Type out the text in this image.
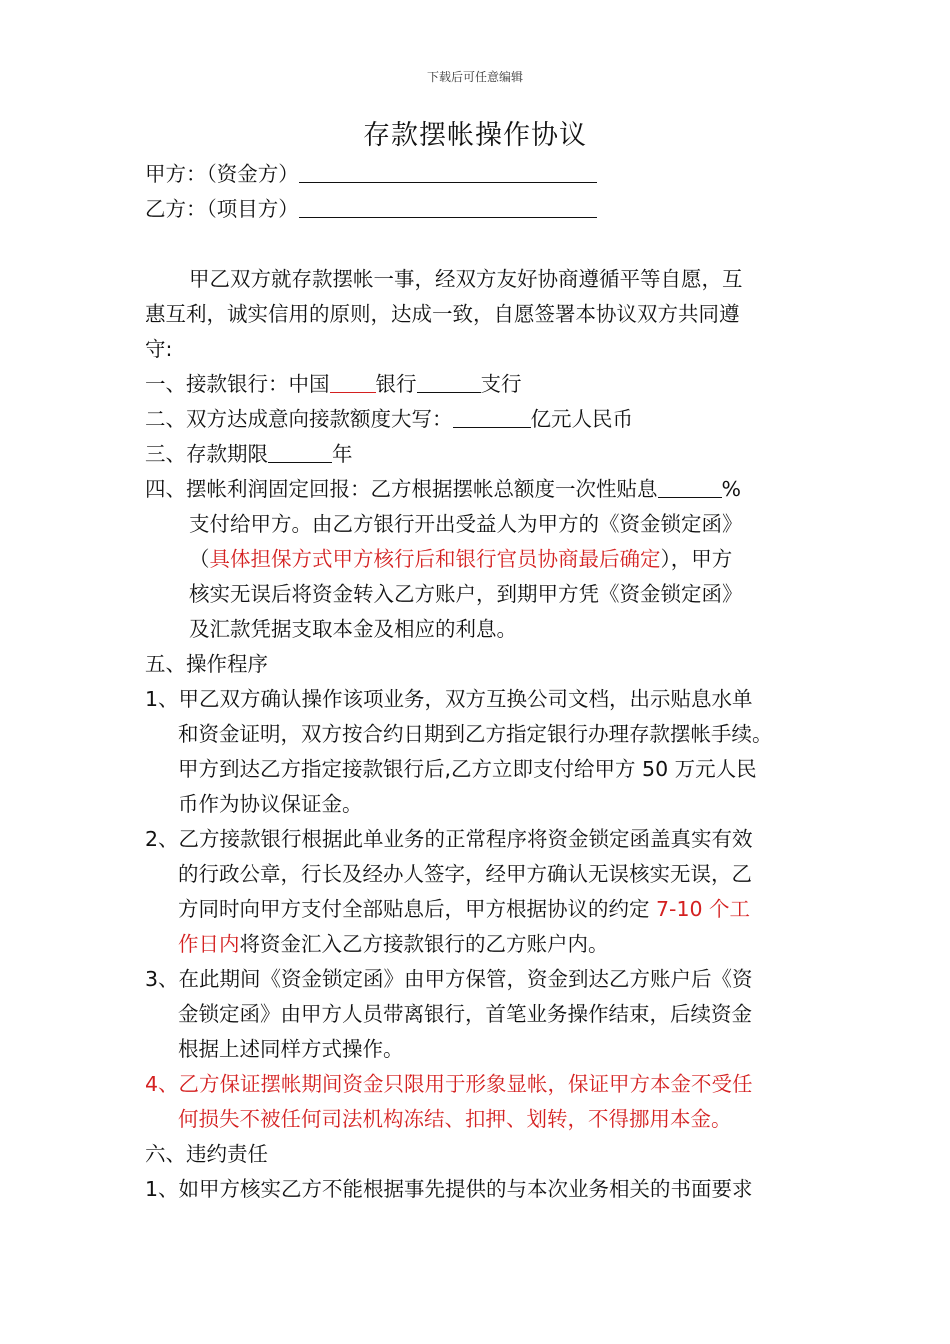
下载后可任意编辑
存款摆帐操作协议
甲方：（资金方）
乙方：（项目方）
甲乙双方就存款摆帐一事，经双方友好协商遵循平等自愿，互
惠互利，诚实信用的原则，达成一致，自愿签署本协议双方共同遵
守:
一、接款银行：中国 银行	支行
二、双方达成意向接款额度大写：	亿元人民币
三、存款期限	年
四、摆帐利润固定回报：乙方根据摆帐总额度一次性贴息	%
支付给甲方。由乙方银行开出受益人为甲方的《资金锁定函》
（具体担保方式甲方核行后和银行官员协商最后确定），甲方
核实无误后将资金转入乙方账户，到期甲方凭《资金锁定函》
及汇款凭据支取本金及相应的利息。
五、操作程序
1、甲乙双方确认操作该项业务，双方互换公司文档，出示贴息水单
和资金证明，双方按合约日期到乙方指定银行办理存款摆帐手续。
甲方到达乙方指定接款银行后,乙方立即支付给甲方 50 万元人民
币作为协议保证金。
2、乙方接款银行根据此单业务的正常程序将资金锁定函盖真实有效
的行政公章，行长及经办人签字，经甲方确认无误核实无误，乙
方同时向甲方支付全部贴息后，甲方根据协议的约定 7-10 个工
作日内将资金汇入乙方接款银行的乙方账户内。
3、在此期间《资金锁定函》由甲方保管，资金到达乙方账户后《资
金锁定函》由甲方人员带离银行，首笔业务操作结束，后续资金
根据上述同样方式操作。
4、乙方保证摆帐期间资金只限用于形象显帐，保证甲方本金不受任
何损失不被任何司法机构冻结、扣押、划转，不得挪用本金。
六、违约责任
1、如甲方核实乙方不能根据事先提供的与本次业务相关的书面要求
